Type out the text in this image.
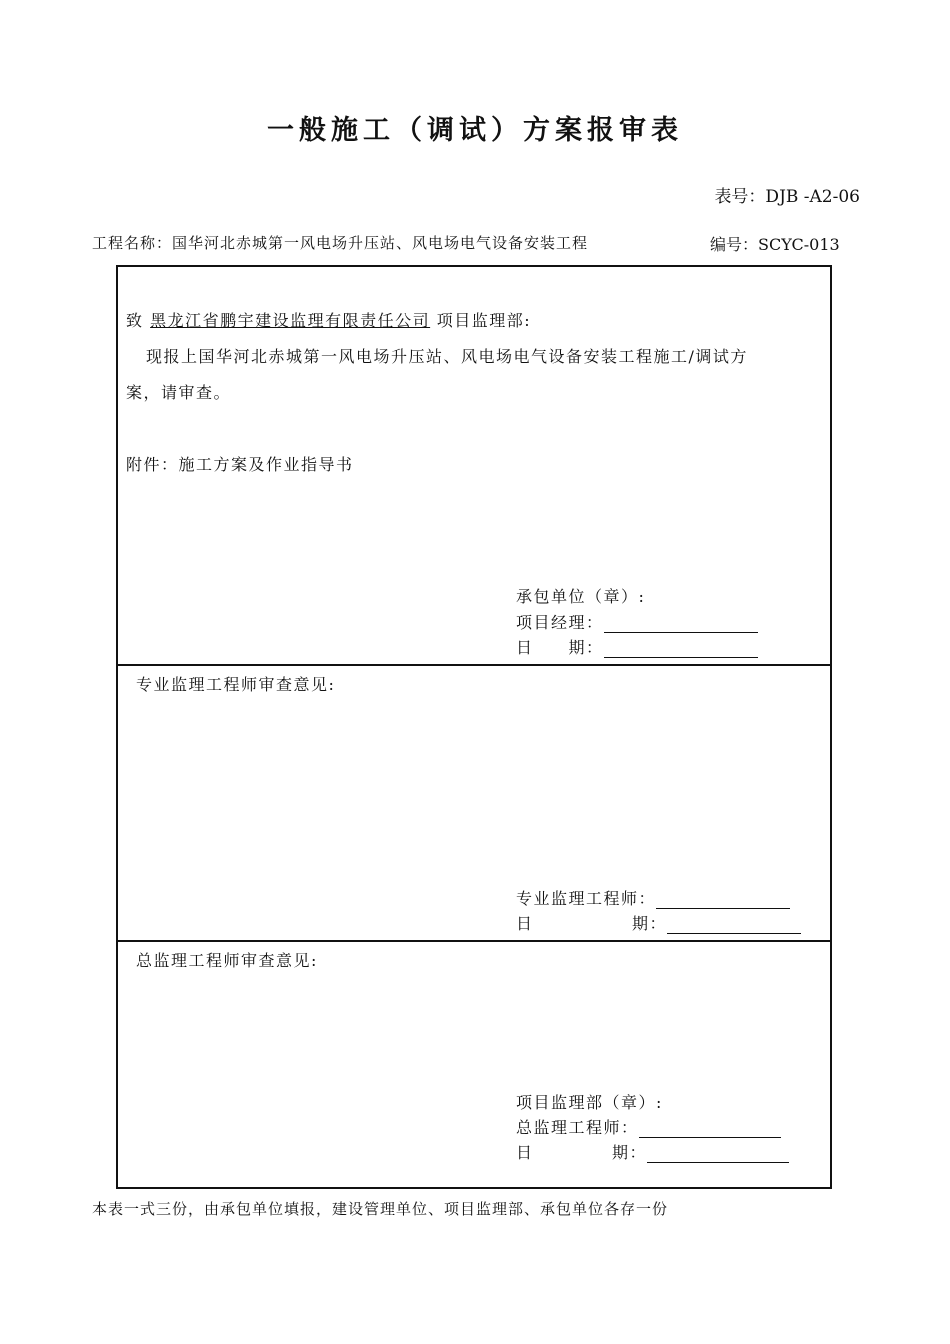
一般施工（调试）方案报审表
表号：DJB -A2-06
工程名称：国华河北赤城第一风电场升压站、风电场电气设备安装工程	编号：SCYC-013
致 黑龙江省鹏宇建设监理有限责任公司 项目监理部:
现报上国华河北赤城第一风电场升压站、风电场电气设备安装工程施工/调试方
案，请审查。
附件：施工方案及作业指导书
承包单位（章）:
项目经理：
日　　期：
专业监理工程师审查意见:
专业监理工程师：
日	期：
总监理工程师审查意见:
项目监理部（章）:
总监理工程师：
日	期：
本表一式三份，由承包单位填报，建设管理单位、项目监理部、承包单位各存一份
